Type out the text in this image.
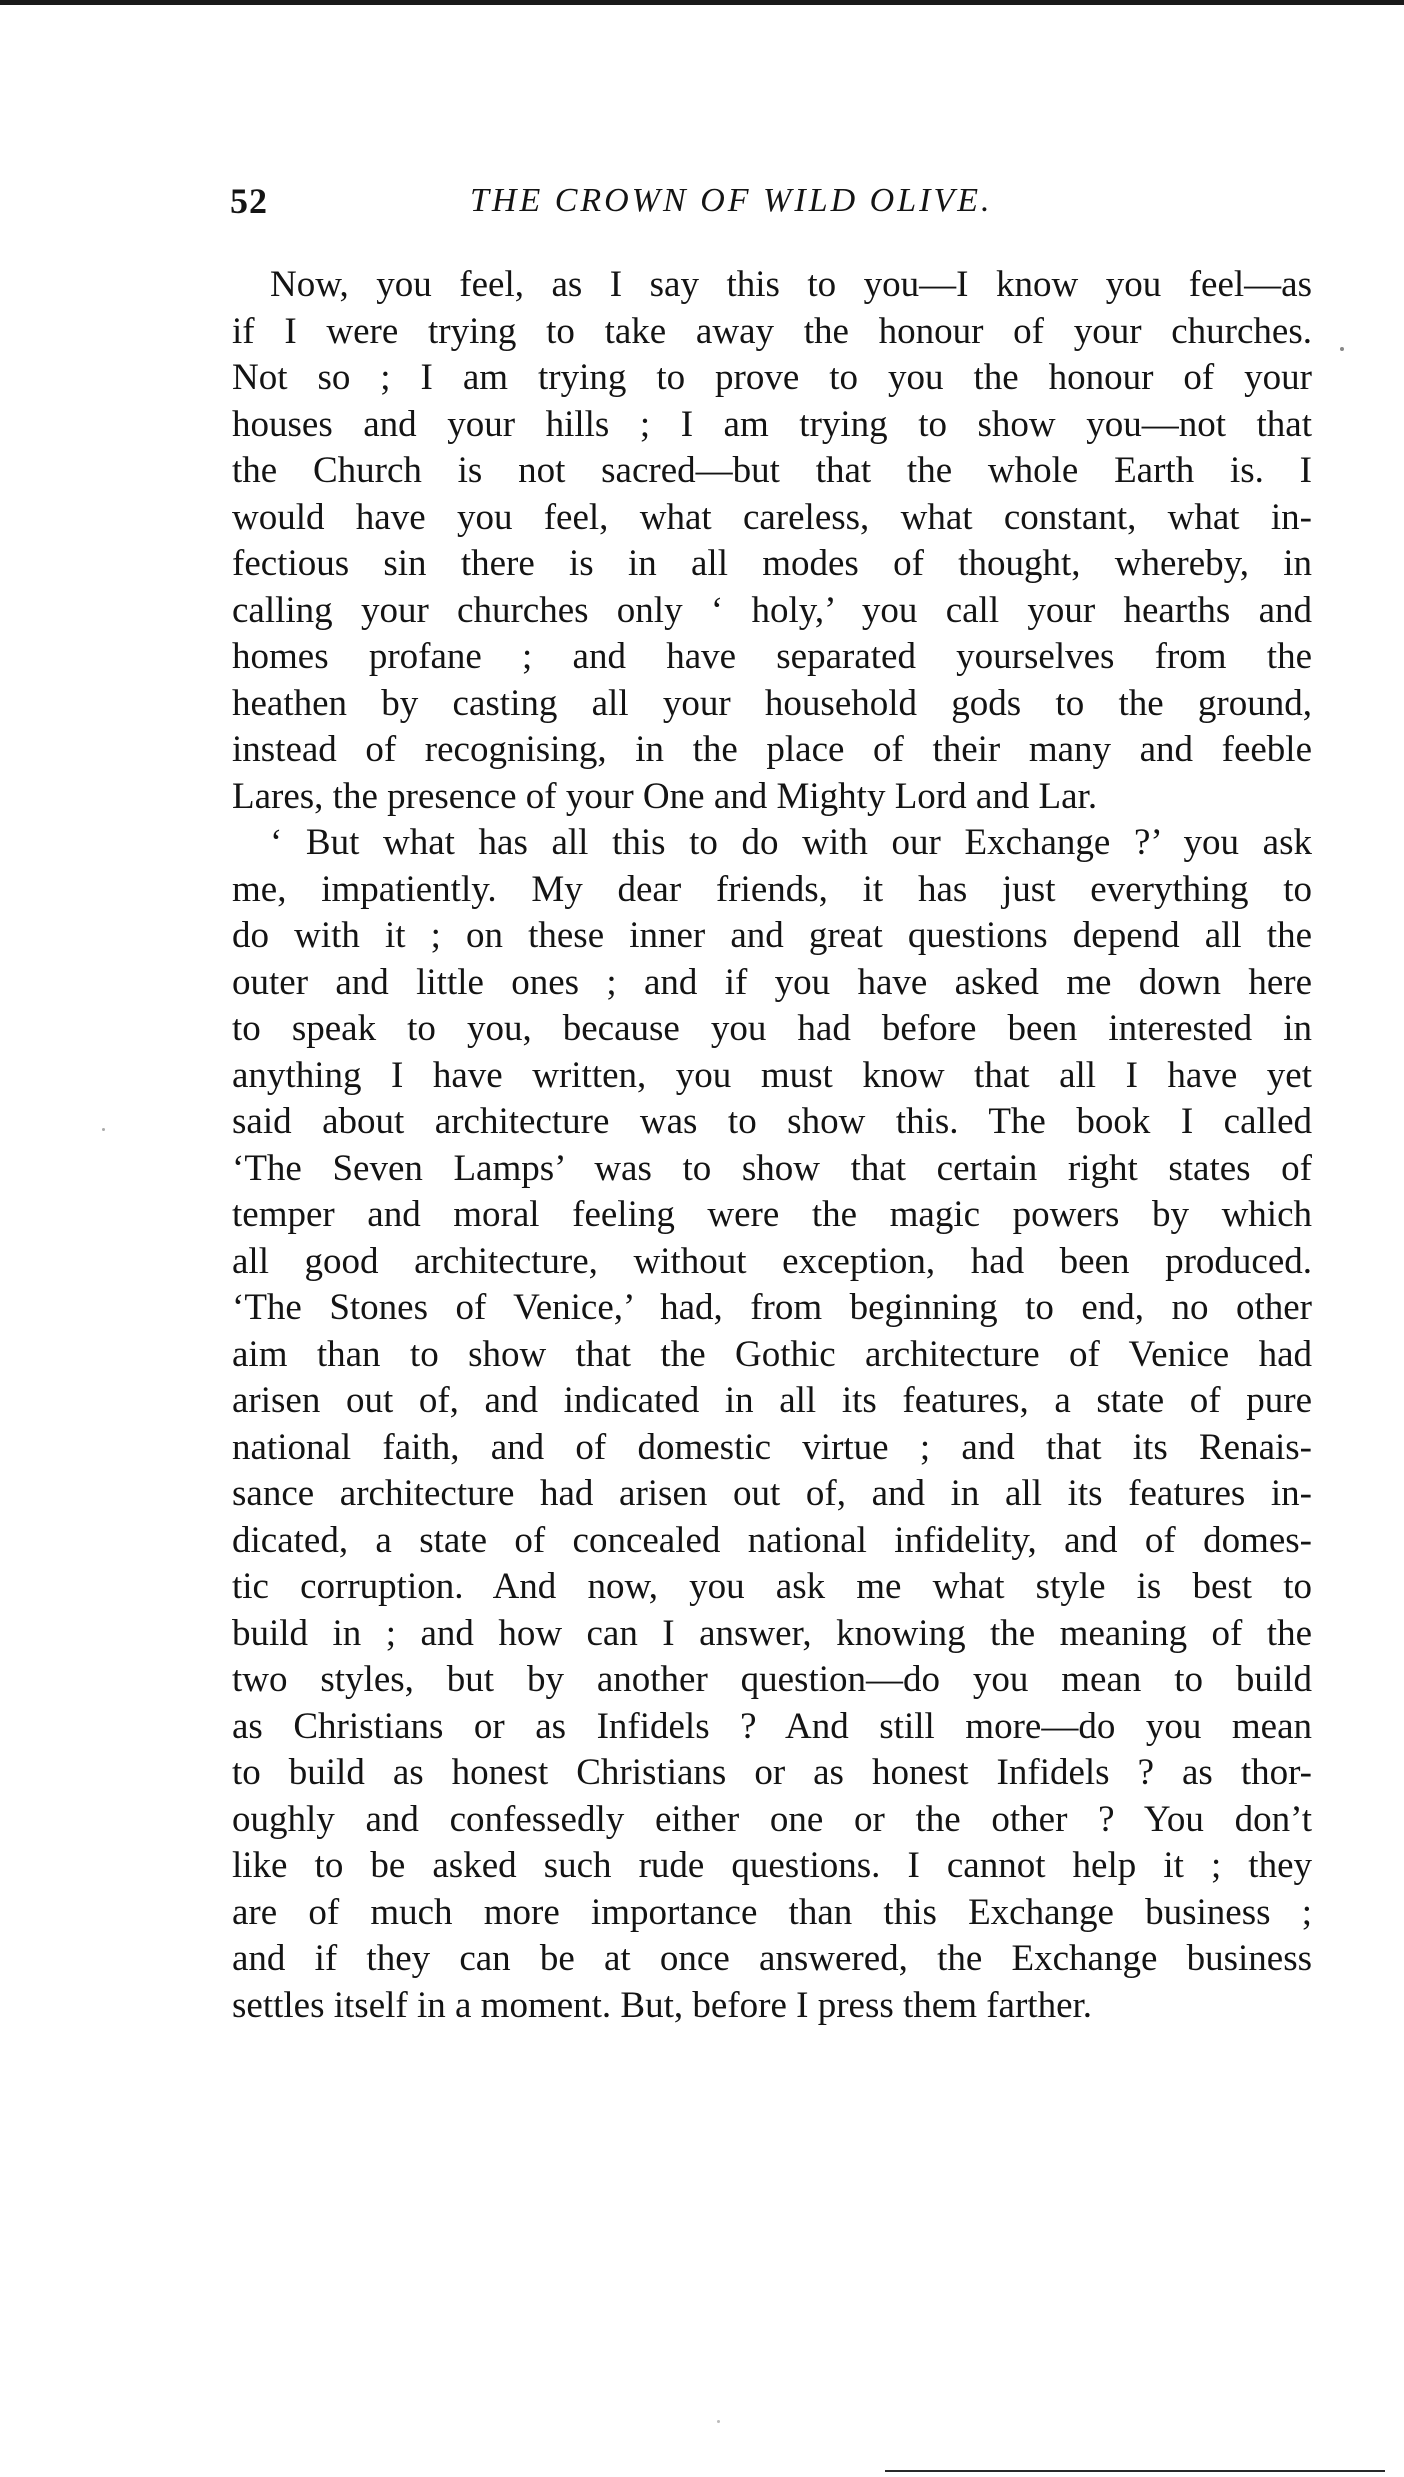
52	THE CROWN OF WILD OLIVE.
Now, you feel, as I say this to you—I know you feel—as
if I were trying to take away the honour of your churches.
Not so ; I am trying to prove to you the honour of your
houses and your hills ; I am trying to show you—not that
the Church is not sacred—but that the whole Earth is. I
would have you feel, what careless, what constant, what in-
fectious sin there is in all modes of thought, whereby, in
calling your churches only ‘ holy,’ you call your hearths and
homes profane ; and have separated yourselves from the
heathen by casting all your household gods to the ground,
instead of recognising, in the place of their many and feeble
Lares, the presence of your One and Mighty Lord and Lar.
‘ But what has all this to do with our Exchange ?’ you ask
me, impatiently. My dear friends, it has just everything to
do with it ; on these inner and great questions depend all the
outer and little ones ; and if you have asked me down here
to speak to you, because you had before been interested in
anything I have written, you must know that all I have yet
said about architecture was to show this. The book I called
‘The Seven Lamps’ was to show that certain right states of
temper and moral feeling were the magic powers by which
all good architecture, without exception, had been produced.
‘The Stones of Venice,’ had, from beginning to end, no other
aim than to show that the Gothic architecture of Venice had
arisen out of, and indicated in all its features, a state of pure
national faith, and of domestic virtue ; and that its Renais-
sance architecture had arisen out of, and in all its features in-
dicated, a state of concealed national infidelity, and of domes-
tic corruption. And now, you ask me what style is best to
build in ; and how can I answer, knowing the meaning of the
two styles, but by another question—do you mean to build
as Christians or as Infidels ? And still more—do you mean
to build as honest Christians or as honest Infidels ? as thor-
oughly and confessedly either one or the other ? You don’t
like to be asked such rude questions. I cannot help it ; they
are of much more importance than this Exchange business ;
and if they can be at once answered, the Exchange business
settles itself in a moment. But, before I press them farther.
